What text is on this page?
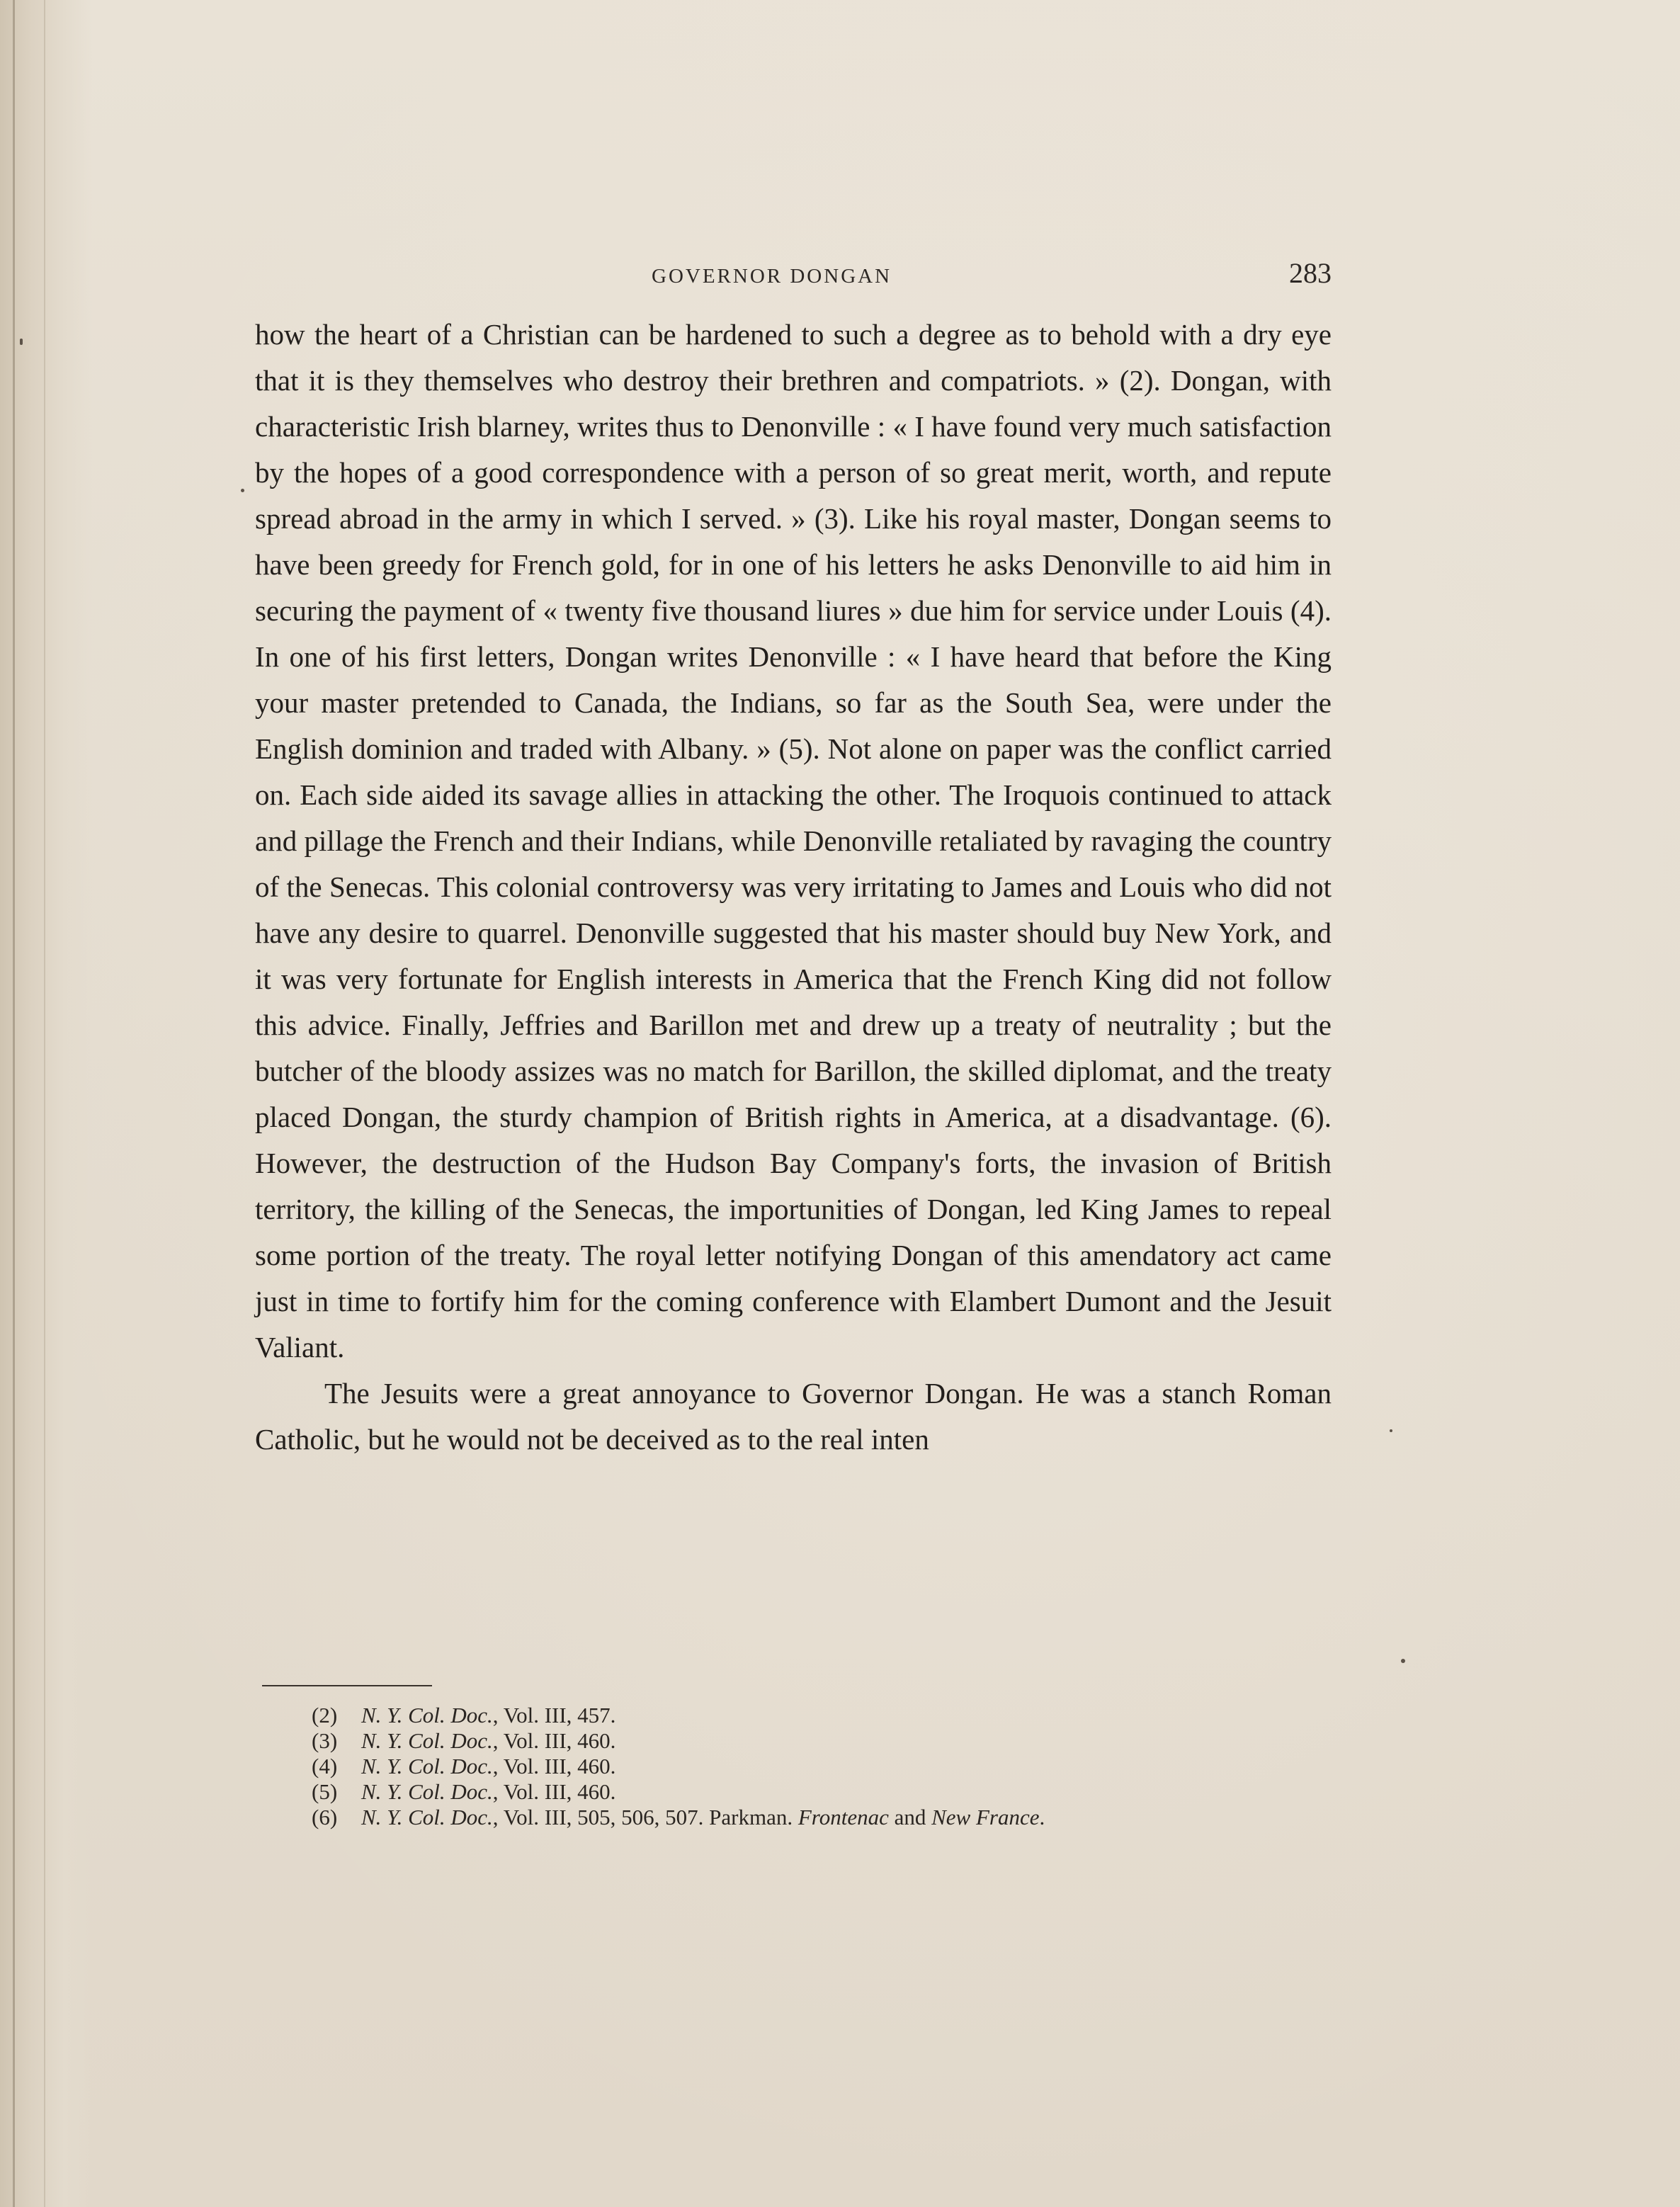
GOVERNOR DONGAN	283

how the heart of a Christian can be hardened to such a degree as to behold with a dry eye that it is they themselves who destroy their brethren and compatriots. » (2). Dongan, with characteristic Irish blarney, writes thus to Denonville : « I have found very much satisfaction by the hopes of a good correspondence with a person of so great merit, worth, and repute spread abroad in the army in which I served. » (3). Like his royal master, Dongan seems to have been greedy for French gold, for in one of his letters he asks Denonville to aid him in securing the payment of « twenty five thousand liures » due him for service under Louis (4). In one of his first letters, Dongan writes Denonville : « I have heard that before the King your master pretended to Canada, the Indians, so far as the South Sea, were under the English dominion and traded with Albany. » (5). Not alone on paper was the conflict carried on. Each side aided its savage allies in attacking the other. The Iroquois continued to attack and pillage the French and their Indians, while Denonville retaliated by ravaging the country of the Senecas. This colonial controversy was very irritating to James and Louis who did not have any desire to quarrel. Denonville suggested that his master should buy New York, and it was very fortunate for English interests in America that the French King did not follow this advice. Finally, Jeffries and Barillon met and drew up a treaty of neutrality ; but the butcher of the bloody assizes was no match for Barillon, the skilled diplomat, and the treaty placed Dongan, the sturdy champion of British rights in America, at a disadvantage. (6). However, the destruction of the Hudson Bay Company's forts, the invasion of British territory, the killing of the Senecas, the importunities of Dongan, led King James to repeal some portion of the treaty. The royal letter notifying Dongan of this amendatory act came just in time to fortify him for the coming conference with Elambert Dumont and the Jesuit Valiant.

The Jesuits were a great annoyance to Governor Dongan. He was a stanch Roman Catholic, but he would not be deceived as to the real inten

(2) N. Y. Col. Doc., Vol. III, 457.
(3) N. Y. Col. Doc., Vol. III, 460.
(4) N. Y. Col. Doc., Vol. III, 460.
(5) N. Y. Col. Doc., Vol. III, 460.
(6) N. Y. Col. Doc., Vol. III, 505, 506, 507. Parkman. Frontenac and New France.
